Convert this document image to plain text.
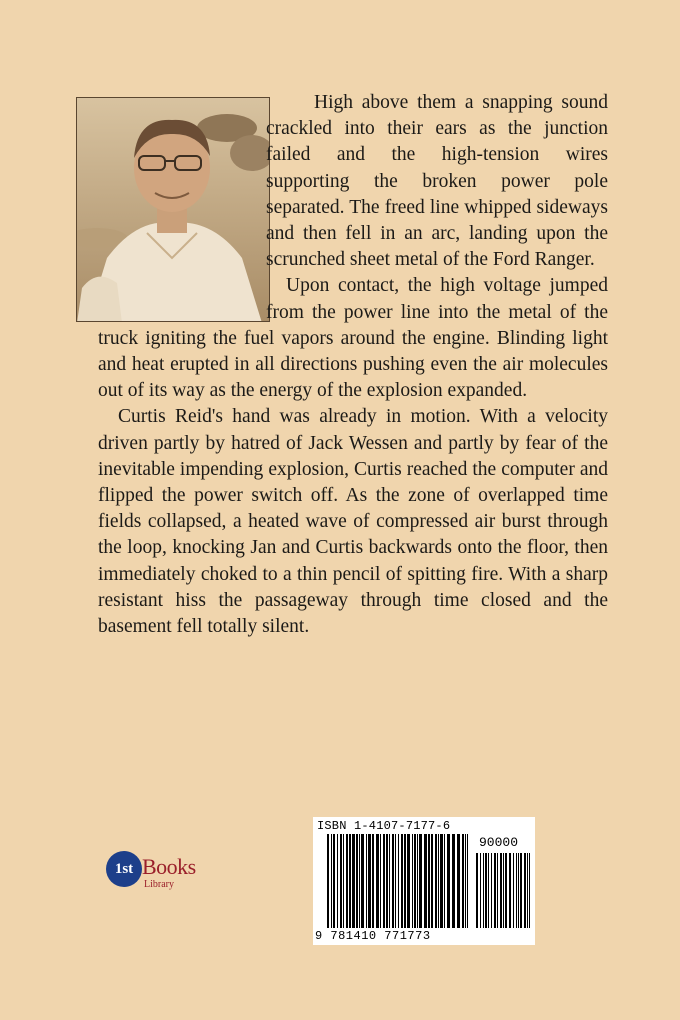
High above them a snapping sound crackled into their ears as the junction failed and the high-tension wires supporting the broken power pole separated. The freed line whipped sideways and then fell in an arc, landing upon the scrunched sheet metal of the Ford Ranger.

Upon contact, the high voltage jumped from the power line into the metal of the truck igniting the fuel vapors around the engine. Blinding light and heat erupted in all directions pushing even the air molecules out of its way as the energy of the explosion expanded.

Curtis Reid's hand was already in motion. With a velocity driven partly by hatred of Jack Wessen and partly by fear of the inevitable impending explosion, Curtis reached the computer and flipped the power switch off. As the zone of overlapped time fields collapsed, a heated wave of compressed air burst through the loop, knocking Jan and Curtis backwards onto the floor, then immediately choked to a thin pencil of spitting fire. With a sharp resistant hiss the passageway through time closed and the basement fell totally silent.

1st Books
Library
ISBN 1-4107-7177-6
90000
9 781410 771773
